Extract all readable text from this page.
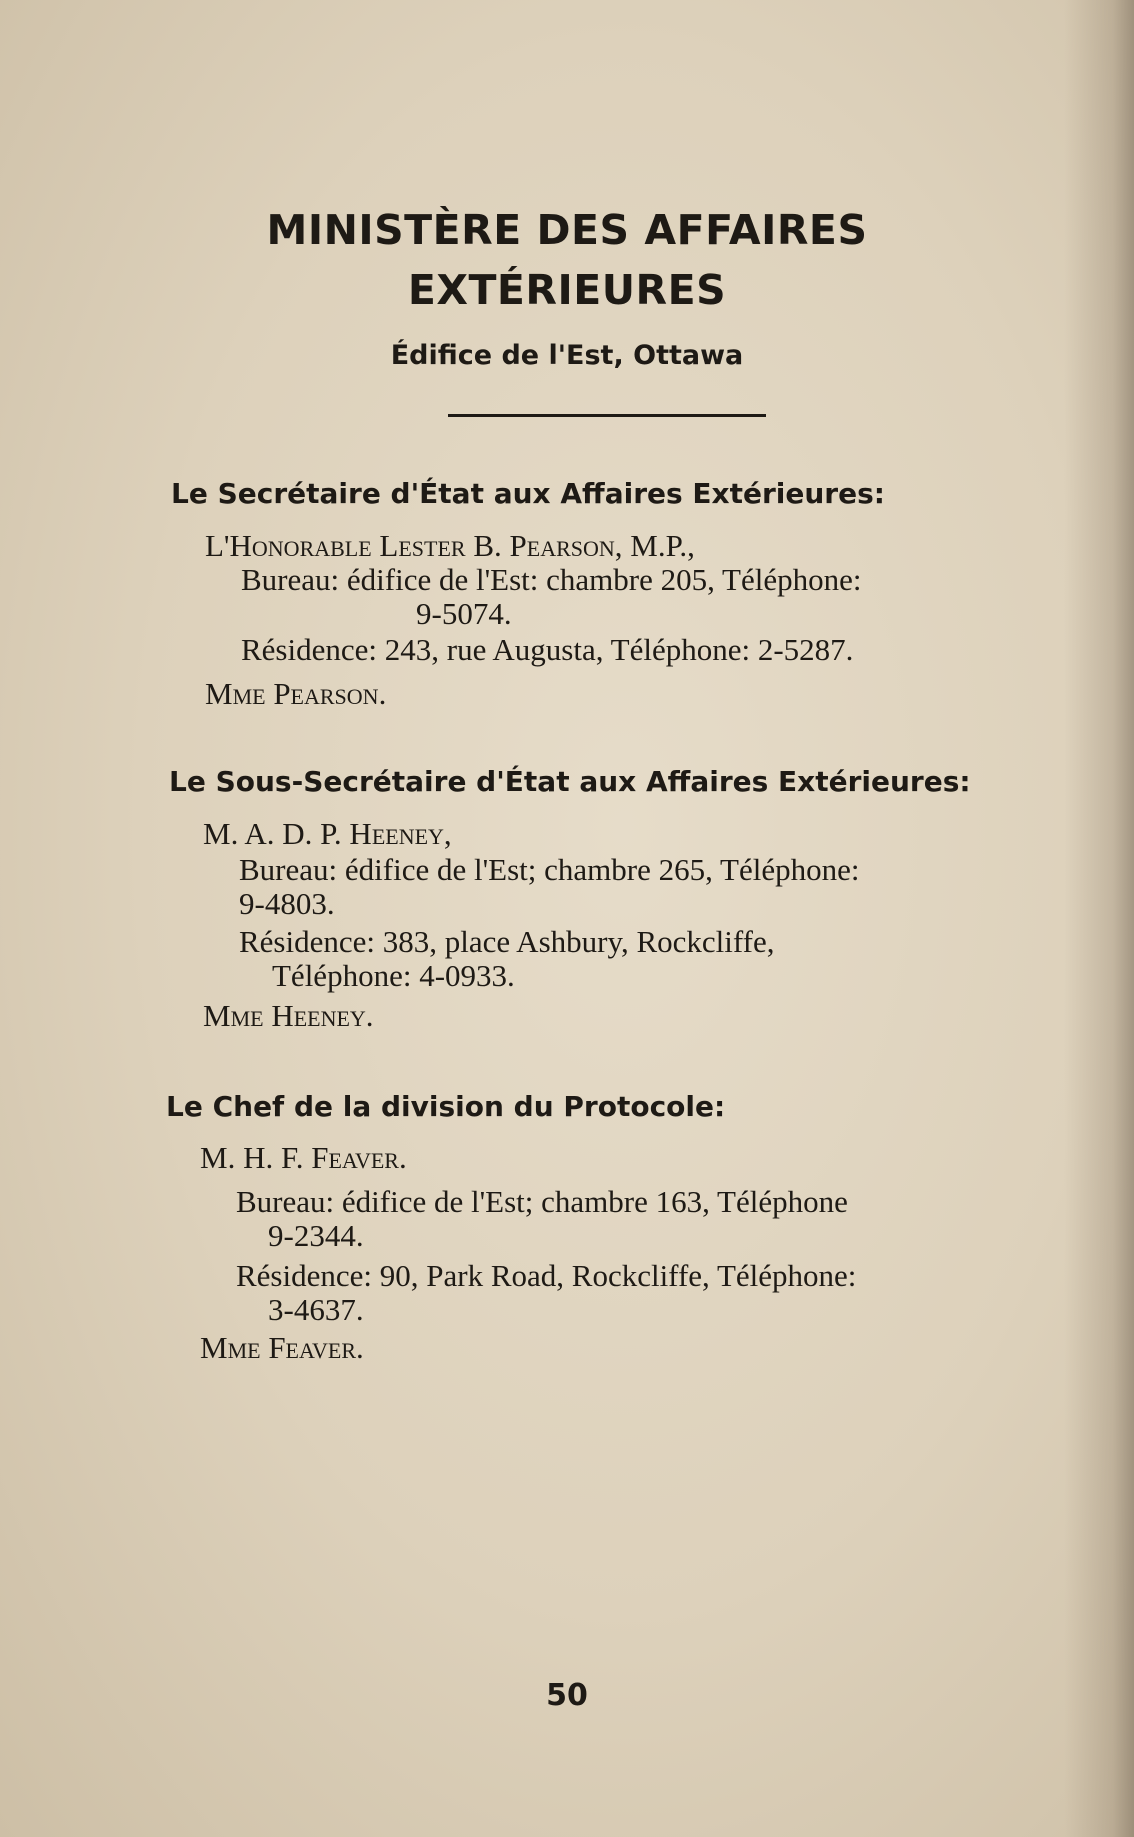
MINISTÈRE DES AFFAIRES
EXTÉRIEURES
Édifice de l'Est, Ottawa
Le Secrétaire d'État aux Affaires Extérieures:
L'Honorable Lester B. Pearson, M.P.,
Bureau: édifice de l'Est: chambre 205, Téléphone:
9-5074.
Résidence: 243, rue Augusta, Téléphone: 2-5287.
Mme Pearson.
Le Sous-Secrétaire d'État aux Affaires Extérieures:
M. A. D. P. Heeney,
Bureau: édifice de l'Est; chambre 265, Téléphone:
9-4803.
Résidence: 383, place Ashbury, Rockcliffe,
Téléphone: 4-0933.
Mme Heeney.
Le Chef de la division du Protocole:
M. H. F. Feaver.
Bureau: édifice de l'Est; chambre 163, Téléphone
9-2344.
Résidence: 90, Park Road, Rockcliffe, Téléphone:
3-4637.
Mme Feaver.
50
